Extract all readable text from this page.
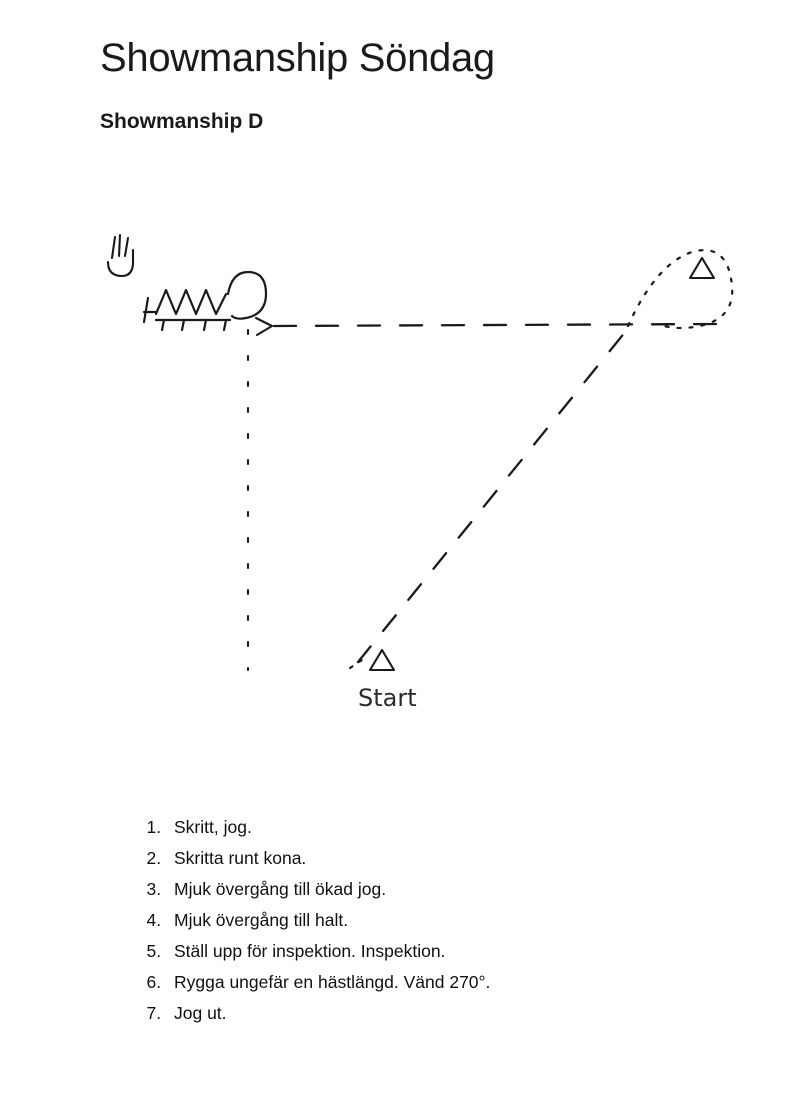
Showmanship Söndag
Showmanship D
Start
1. Skritt, jog.
2. Skritta runt kona.
3. Mjuk övergång till ökad jog.
4. Mjuk övergång till halt.
5. Ställ upp för inspektion. Inspektion.
6. Rygga ungefär en hästlängd. Vänd 270°.
7. Jog ut.
